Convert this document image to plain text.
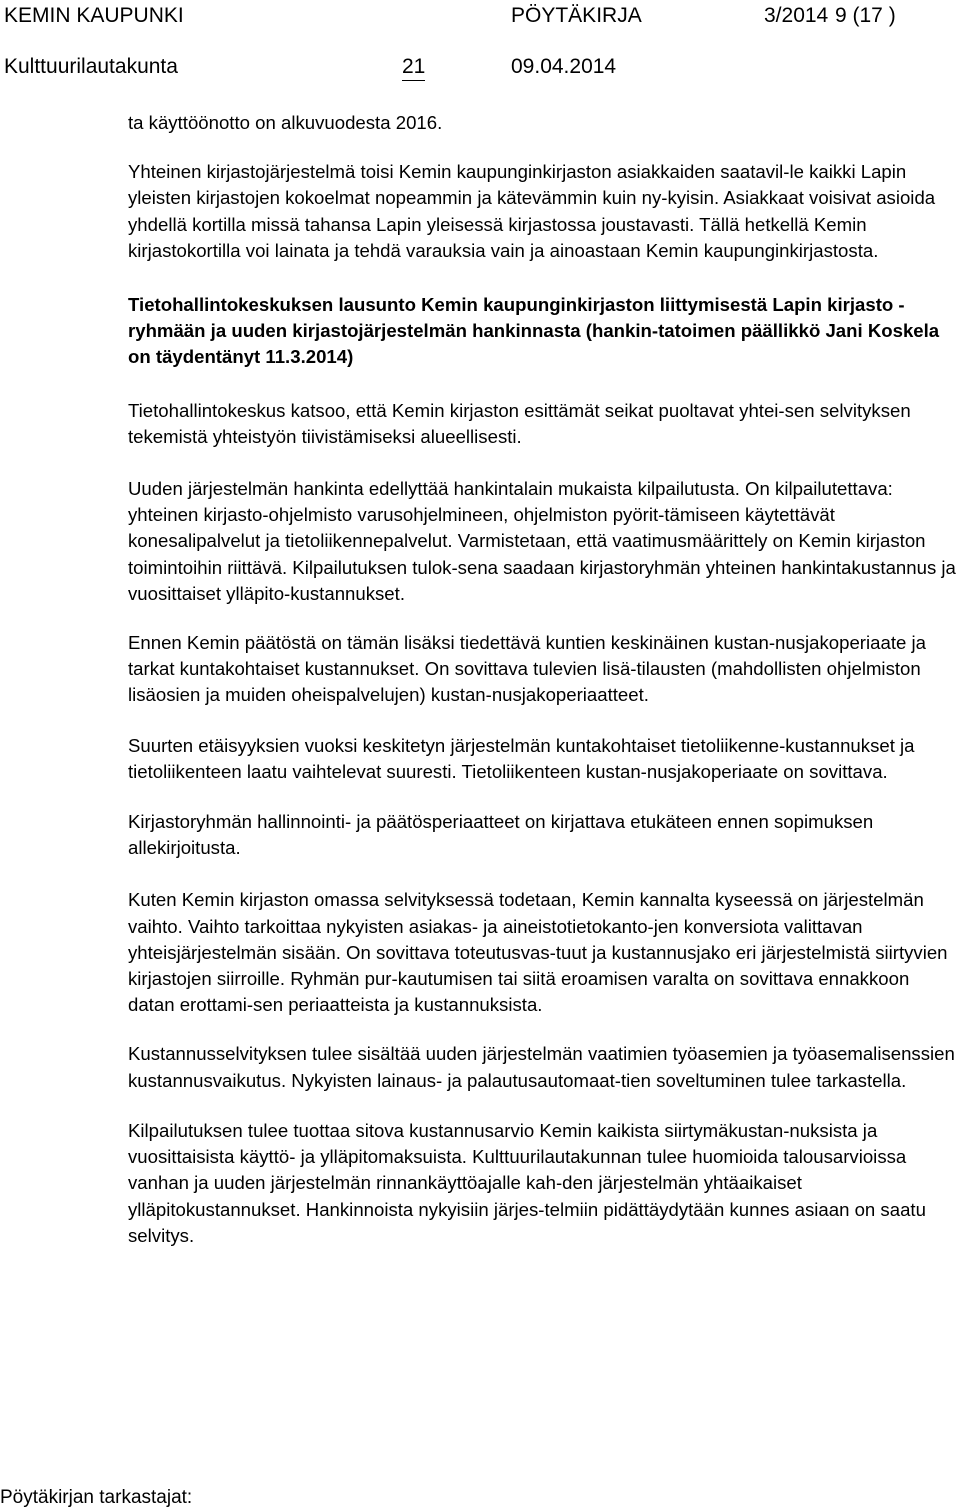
KEMIN KAUPUNKI	PÖYTÄKIRJA	3/2014 9 (17 )
Kulttuurilautakunta	21	09.04.2014

ta käyttöönotto on alkuvuodesta 2016.

Yhteinen kirjastojärjestelmä toisi Kemin kaupunginkirjaston asiakkaiden saatavil-le kaikki Lapin yleisten kirjastojen kokoelmat nopeammin ja kätevämmin kuin ny-kyisin. Asiakkaat voisivat asioida yhdellä kortilla missä tahansa Lapin yleisessä kirjastossa joustavasti. Tällä hetkellä Kemin kirjastokortilla voi lainata ja tehdä varauksia vain ja ainoastaan Kemin kaupunginkirjastosta.

Tietohallintokeskuksen lausunto Kemin kaupunginkirjaston liittymisestä Lapin kirjasto -ryhmään ja uuden kirjastojärjestelmän hankinnasta (hankin-tatoimen päällikkö Jani Koskela on täydentänyt 11.3.2014)

Tietohallintokeskus katsoo, että Kemin kirjaston esittämät seikat puoltavat yhtei-sen selvityksen tekemistä yhteistyön tiivistämiseksi alueellisesti.

Uuden järjestelmän hankinta edellyttää hankintalain mukaista kilpailutusta. On kilpailutettava: yhteinen kirjasto-ohjelmisto varusohjelmineen, ohjelmiston pyörit-tämiseen käytettävät konesalipalvelut ja tietoliikennepalvelut. Varmistetaan, että vaatimusmäärittely on Kemin kirjaston toimintoihin riittävä. Kilpailutuksen tulok-sena saadaan kirjastoryhmän yhteinen hankintakustannus ja vuosittaiset ylläpito-kustannukset.

Ennen Kemin päätöstä on tämän lisäksi tiedettävä kuntien keskinäinen kustan-nusjakoperiaate ja tarkat kuntakohtaiset kustannukset. On sovittava tulevien lisä-tilausten (mahdollisten ohjelmiston lisäosien ja muiden oheispalvelujen) kustan-nusjakoperiaatteet.

Suurten etäisyyksien vuoksi keskitetyn järjestelmän kuntakohtaiset tietoliikenne-kustannukset ja tietoliikenteen laatu vaihtelevat suuresti. Tietoliikenteen kustan-nusjakoperiaate on sovittava.

Kirjastoryhmän hallinnointi- ja päätösperiaatteet on kirjattava etukäteen ennen sopimuksen allekirjoitusta.

Kuten Kemin kirjaston omassa selvityksessä todetaan, Kemin kannalta kyseessä on järjestelmän vaihto. Vaihto tarkoittaa nykyisten asiakas- ja aineistotietokanto-jen konversiota valittavan yhteisjärjestelmän sisään. On sovittava toteutusvas-tuut ja kustannusjako eri järjestelmistä siirtyvien kirjastojen siirroille. Ryhmän pur-kautumisen tai siitä eroamisen varalta on sovittava ennakkoon datan erottami-sen periaatteista ja kustannuksista.

Kustannusselvityksen tulee sisältää uuden järjestelmän vaatimien työasemien ja työasemalisenssien kustannusvaikutus. Nykyisten lainaus- ja palautusautomaat-tien soveltuminen tulee tarkastella.

Kilpailutuksen tulee tuottaa sitova kustannusarvio Kemin kaikista siirtymäkustan-nuksista ja vuosittaisista käyttö- ja ylläpitomaksuista. Kulttuurilautakunnan tulee huomioida talousarvioissa vanhan ja uuden järjestelmän rinnankäyttöajalle kah-den järjestelmän yhtäaikaiset ylläpitokustannukset. Hankinnoista nykyisiin järjes-telmiin pidättäydytään kunnes asiaan on saatu selvitys.

Pöytäkirjan tarkastajat:
